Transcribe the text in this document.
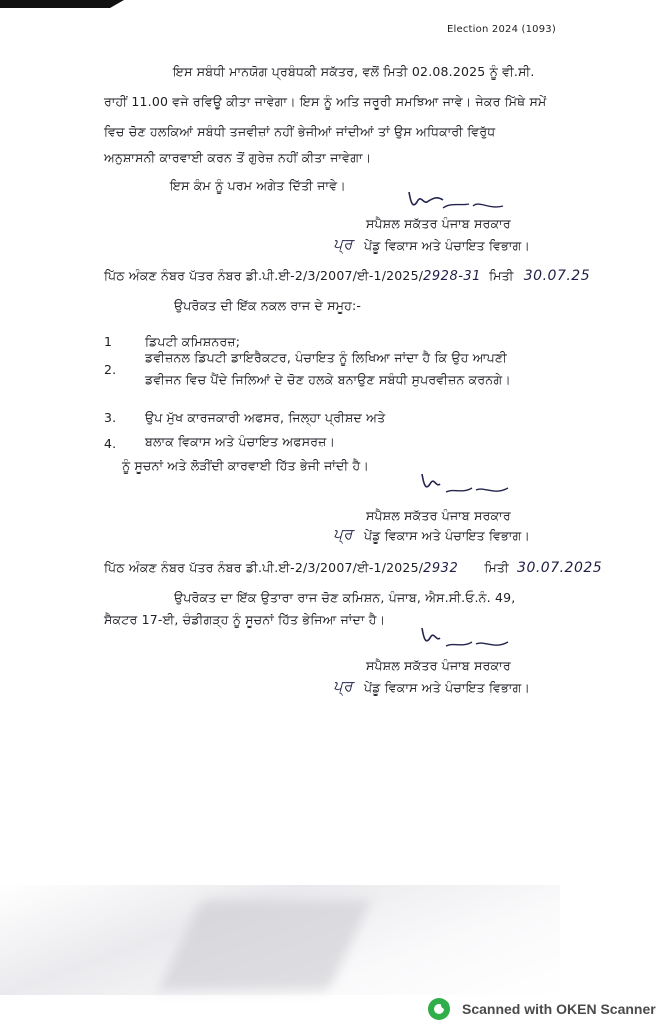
Election 2024 (1093)
ਇਸ ਸਬੰਧੀ ਮਾਨਯੋਗ ਪ੍ਰਬੰਧਕੀ ਸਕੱਤਰ, ਵਲੋਂ ਮਿਤੀ 02.08.2025 ਨੂੰ ਵੀ.ਸੀ.
ਰਾਹੀਂ 11.00 ਵਜੇ ਰਵਿਊ ਕੀਤਾ ਜਾਵੇਗਾ। ਇਸ ਨੂੰ ਅਤਿ ਜਰੂਰੀ ਸਮਝਿਆ ਜਾਵੇ। ਜੇਕਰ ਮਿੱਥੇ ਸਮੇਂ
ਵਿਚ ਚੋਣ ਹਲਕਿਆਂ ਸਬੰਧੀ ਤਜਵੀਜ਼ਾਂ ਨਹੀਂ ਭੇਜੀਆਂ ਜਾਂਦੀਆਂ ਤਾਂ ਉਸ ਅਧਿਕਾਰੀ ਵਿਰੁੱਧ
ਅਨੁਸ਼ਾਸਨੀ ਕਾਰਵਾਈ ਕਰਨ ਤੋਂ ਗੁਰੇਜ਼ ਨਹੀਂ ਕੀਤਾ ਜਾਵੇਗਾ।
ਇਸ ਕੰਮ ਨੂੰ ਪਰਮ ਅਗੇਤ ਦਿੱਤੀ ਜਾਵੇ।
ਸਪੈਸ਼ਲ ਸਕੱਤਰ ਪੰਜਾਬ ਸਰਕਾਰ
ਪ੍ਰ ਪੇਂਡੂ ਵਿਕਾਸ ਅਤੇ ਪੰਚਾਇਤ ਵਿਭਾਗ।
ਪਿੱਠ ਅੰਕਣ ਨੰਬਰ ਪੱਤਰ ਨੰਬਰ ਡੀ.ਪੀ.ਈ-2/3/2007/ਈ-1/2025/2928-31 ਮਿਤੀ 30.07.25
ਉਪਰੋਕਤ ਦੀ ਇੱਕ ਨਕਲ ਰਾਜ ਦੇ ਸਮੂਹ:-
1	ਡਿਪਟੀ ਕਮਿਸ਼ਨਰਜ਼;
2.
ਡਵੀਜ਼ਨਲ ਡਿਪਟੀ ਡਾਇਰੈਕਟਰ, ਪੰਚਾਇਤ ਨੂੰ ਲਿਖਿਆ ਜਾਂਦਾ ਹੈ ਕਿ ਉਹ ਆਪਣੀ
ਡਵੀਜਨ ਵਿਚ ਪੈਂਦੇ ਜਿਲਿਆਂ ਦੇ ਚੋਣ ਹਲਕੇ ਬਨਾਉਣ ਸਬੰਧੀ ਸੁਪਰਵੀਜ਼ਨ ਕਰਨਗੇ।
3. ਉਪ ਮੁੱਖ ਕਾਰਜਕਾਰੀ ਅਫਸਰ, ਜਿਲ੍ਹਾ ਪ੍ਰੀਸ਼ਦ ਅਤੇ
4. ਬਲਾਕ ਵਿਕਾਸ ਅਤੇ ਪੰਚਾਇਤ ਅਫਸਰਜ਼।
ਨੂੰ ਸੂਚਨਾਂ ਅਤੇ ਲੋੜੀਂਦੀ ਕਾਰਵਾਈ ਹਿੱਤ ਭੇਜੀ ਜਾਂਦੀ ਹੈ।
ਸਪੈਸ਼ਲ ਸਕੱਤਰ ਪੰਜਾਬ ਸਰਕਾਰ
ਪ੍ਰ ਪੇਂਡੂ ਵਿਕਾਸ ਅਤੇ ਪੰਚਾਇਤ ਵਿਭਾਗ।
ਪਿੱਠ ਅੰਕਣ ਨੰਬਰ ਪੱਤਰ ਨੰਬਰ ਡੀ.ਪੀ.ਈ-2/3/2007/ਈ-1/2025/2932 ਮਿਤੀ 30.07.2025
ਉਪਰੋਕਤ ਦਾ ਇੱਕ ਉਤਾਰਾ ਰਾਜ ਚੋਣ ਕਮਿਸ਼ਨ, ਪੰਜਾਬ, ਐਸ.ਸੀ.ਓ.ਨੰ. 49,
ਸੈਕਟਰ 17-ਈ, ਚੰਡੀਗੜ੍ਹ ਨੂੰ ਸੂਚਨਾਂ ਹਿੱਤ ਭੇਜਿਆ ਜਾਂਦਾ ਹੈ।
ਸਪੈਸ਼ਲ ਸਕੱਤਰ ਪੰਜਾਬ ਸਰਕਾਰ
ਪ੍ਰ ਪੇਂਡੂ ਵਿਕਾਸ ਅਤੇ ਪੰਚਾਇਤ ਵਿਭਾਗ।
Scanned with OKEN Scanner
